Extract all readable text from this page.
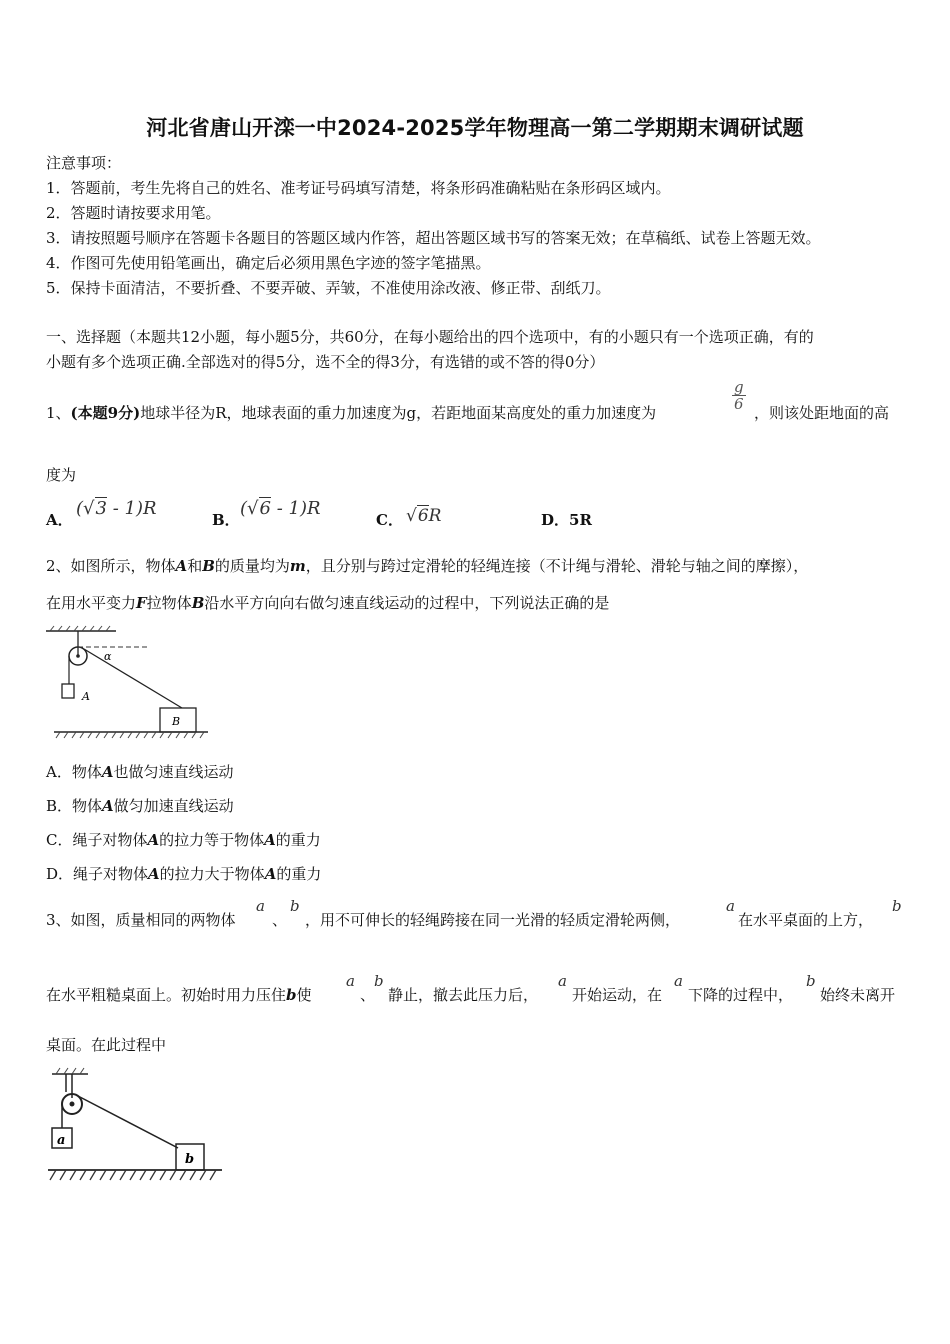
河北省唐山开滦一中2024-2025学年物理高一第二学期期末调研试题
注意事项：
1．答题前，考生先将自己的姓名、准考证号码填写清楚，将条形码准确粘贴在条形码区域内。
2．答题时请按要求用笔。
3．请按照题号顺序在答题卡各题目的答题区域内作答，超出答题区域书写的答案无效；在草稿纸、试卷上答题无效。
4．作图可先使用铅笔画出，确定后必须用黑色字迹的签字笔描黑。
5．保持卡面清洁，不要折叠、不要弄破、弄皱，不准使用涂改液、修正带、刮纸刀。
一、选择题（本题共12小题，每小题5分，共60分，在每小题给出的四个选项中，有的小题只有一个选项正确，有的
小题有多个选项正确.全部选对的得5分，选不全的得3分，有选错的或不答的得0分）
1、(本题9分)地球半径为R，地球表面的重力加速度为g，若距地面某高度处的重力加速度为
$\frac{g}{6}$
，则该处距地面的高
度为
A．
(√3 - 1)R
B．
(√6 - 1)R
C． √6R	D．5R
2、如图所示，物体A和B的质量均为m，且分别与跨过定滑轮的轻绳连接（不计绳与滑轮、滑轮与轴之间的摩擦），
在用水平变力F拉物体B沿水平方向向右做匀速直线运动的过程中，下列说法正确的是
A
α
B
A．物体A也做匀速直线运动
B．物体A做匀加速直线运动
C．绳子对物体A的拉力等于物体A的重力
D．绳子对物体A的拉力大于物体A的重力
3、如图，质量相同的两物体
a
、
b
，用不可伸长的轻绳跨接在同一光滑的轻质定滑轮两侧，
a
在水平桌面的上方，
b
在水平粗糙桌面上。初始时用力压住b使
a
、
b
静止，撤去此压力后，
a
开始运动，在
a
下降的过程中，
b
始终未离开
桌面。在此过程中
a
b
